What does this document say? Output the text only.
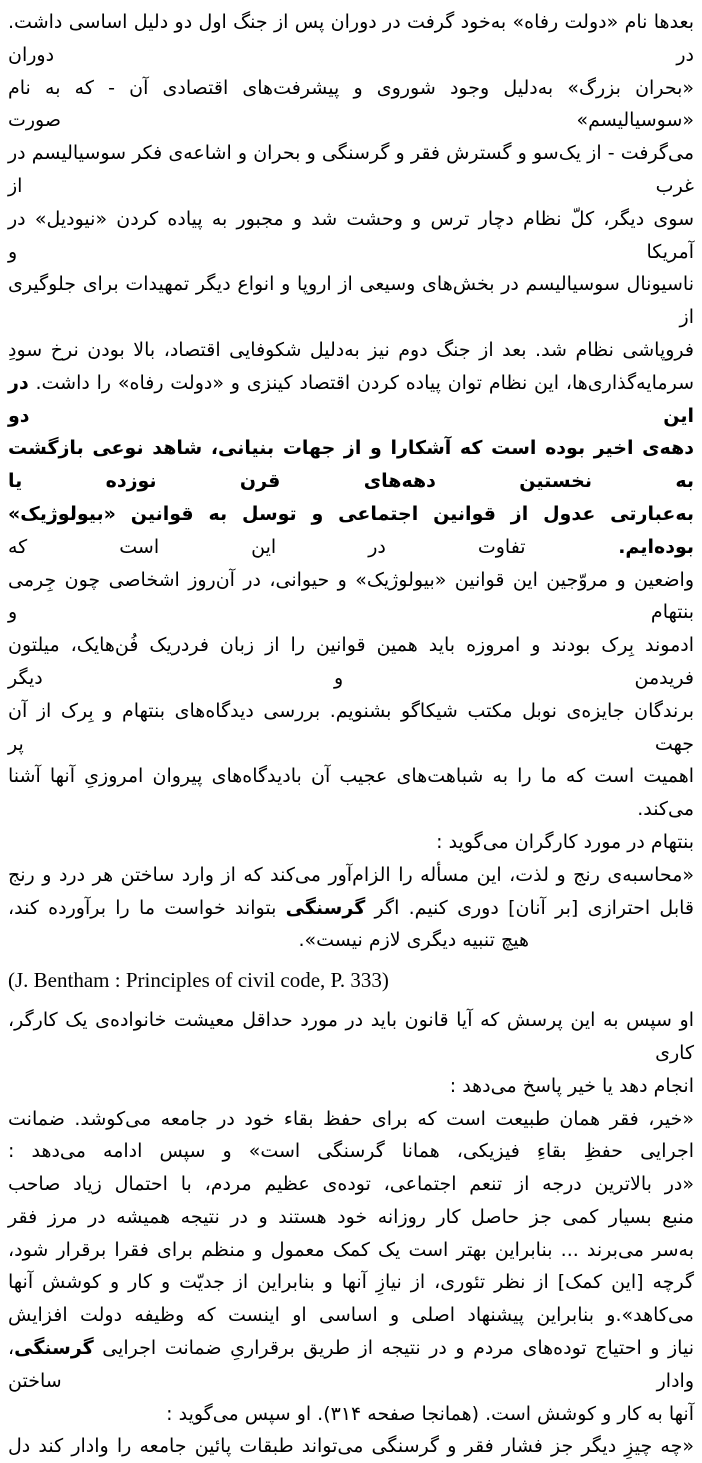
بعدها نام «دولت رفاه» به‌خود گرفت در دوران پس از جنگ اول دو دلیل اساسی داشت. در دوران
«بحران بزرگ» به‌دلیل وجود شوروی و پیشرفت‌های اقتصادی آن - که به نام «سوسیالیسم» صورت
می‌گرفت - از یک‌سو و گسترش فقر و گرسنگی و بحران و اشاعه‌ی فکر سوسیالیسم در غرب از
سوی دیگر، کلّ نظام دچار ترس و وحشت شد و مجبور به پیاده کردن «نیودیل» در آمریکا و
ناسیونال سوسیالیسم در بخش‌های وسیعی از اروپا و انواع دیگر تمهیدات برای جلوگیری از
فروپاشی نظام شد. بعد از جنگ دوم نیز به‌دلیل شکوفایی اقتصاد، بالا بودن نرخ سودِ
سرمایه‌گذاری‌ها، این نظام توان پیاده کردن اقتصاد کینزی و «دولت رفاه» را داشت. در این دو
دهه‌ی اخیر بوده است که آشکارا و از جهات بنیانی، شاهد نوعی بازگشت به نخستین دهه‌های قرن نوزده یا
به‌عبارتی عدول از قوانین اجتماعی و توسل به قوانین «بیولوژیک» بوده‌ایم. تفاوت در این است که
واضعین و مروّجین این قوانین «بیولوژیک» و حیوانی، در آن‌روز اشخاصی چون جِرمی بنتهام و
ادموند بِرک بودند و امروزه باید همین قوانین را از زبان فردریک فُن‌هایک، میلتون فریدمن و دیگر
برندگان جایزه‌ی نوبل مکتب شیکاگو بشنویم. بررسی دیدگاه‌های بنتهام و بِرک از آن جهت پر
اهمیت است که ما را به شباهت‌های عجیب آن بادیدگاه‌های پیروان امروزیِ آنها آشنا می‌کند.
بنتهام در مورد کارگران می‌گوید :
«محاسبه‌ی رنج و لذت، این مسأله را الزام‌آور می‌کند که از وارد ساختن هر درد و رنج
قابل احترازی [بر آنان] دوری کنیم. اگر گرسنگی بتواند خواست ما را برآورده کند،
هیچ تنبیه دیگری لازم نیست».
(J. Bentham : Principles of civil code, P. 333)
او سپس به این پرسش که آیا قانون باید در مورد حداقل معیشت خانواده‌ی یک کارگر، کاری
انجام دهد یا خیر پاسخ می‌دهد :
«خیر، فقر همان طبیعت است که برای حفظ بقاء خود در جامعه می‌کوشد. ضمانت
اجرایی حفظِ بقاءِ فیزیکی، همانا گرسنگی است» و سپس ادامه می‌دهد :
«در بالاترین درجه از تنعم اجتماعی، توده‌ی عظیم مردم، با احتمال زیاد صاحب
منبع بسیار کمی جز حاصل کار روزانه خود هستند و در نتیجه همیشه در مرز فقر
به‌سر می‌برند ... بنابراین بهتر است یک کمک معمول و منظم برای فقرا برقرار شود،
گرچه [این کمک] از نظر تئوری، از نیازِ آنها و بنابراین از جدیّت و کار و کوشش آنها
می‌کاهد».و بنابراین پیشنهاد اصلی و اساسی او اینست که وظیفه دولت افزایش
نیاز و احتیاج توده‌های مردم و در نتیجه از طریق برقراریِ ضمانت اجرایی گرسنگی، وادار ساختن
آنها به کار و کوشش است. (همانجا صفحه ۳۱۴). او سپس می‌گوید :
«چه چیزِ دیگر جز فشار فقر و گرسنگی می‌تواند طبقات پائین جامعه را وادار کند دل
